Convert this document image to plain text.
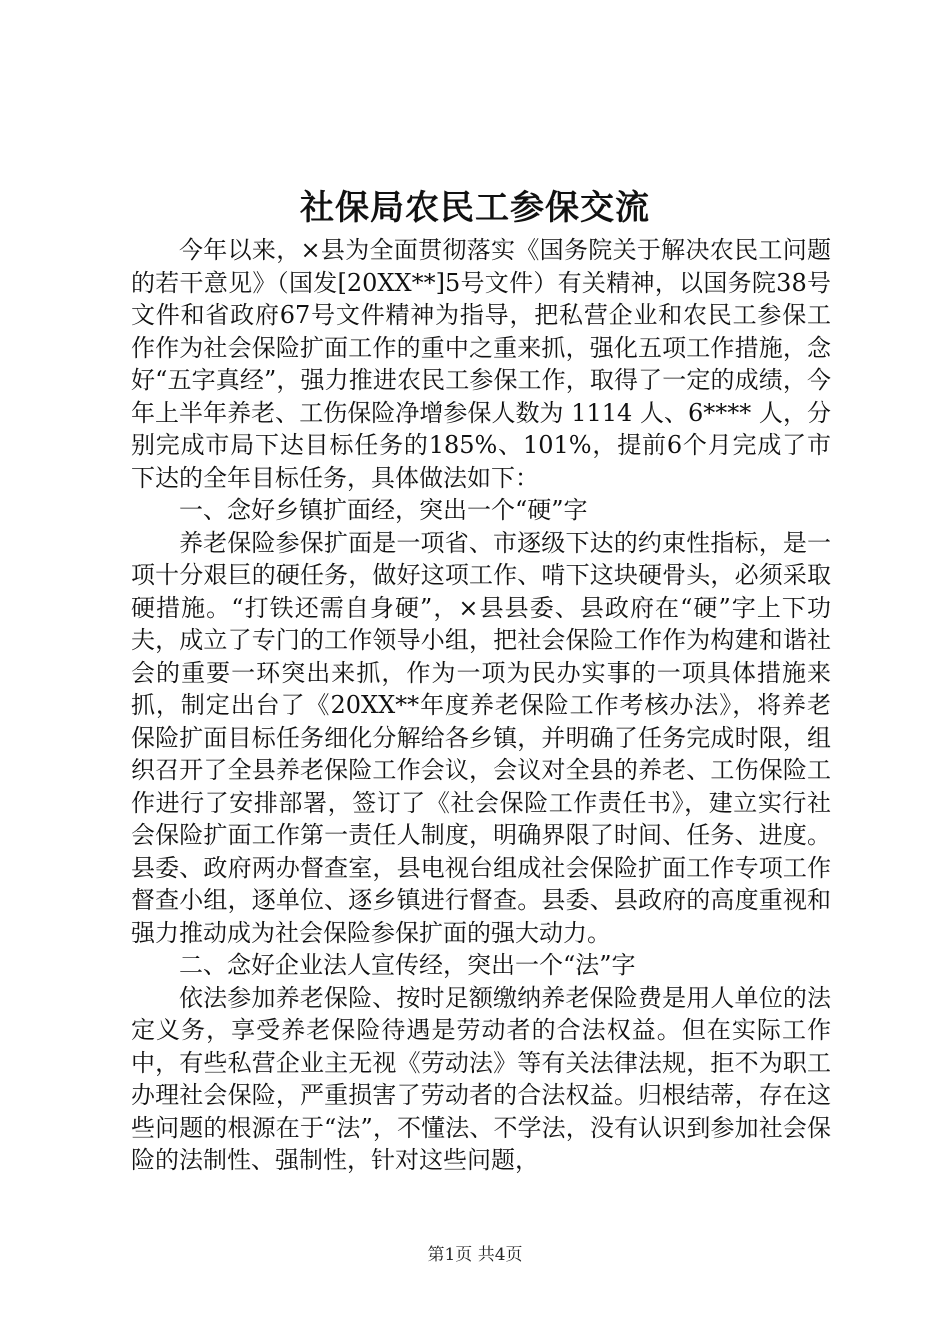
社保局农民工参保交流

今年以来，×县为全面贯彻落实《国务院关于解决农民工问题的若干意见》（国发[20XX**]5号文件）有关精神，以国务院38号文件和省政府67号文件精神为指导，把私营企业和农民工参保工作作为社会保险扩面工作的重中之重来抓，强化五项工作措施，念好“五字真经”，强力推进农民工参保工作，取得了一定的成绩，今年上半年养老、工伤保险净增参保人数为 1114 人、6**** 人，分别完成市局下达目标任务的185%、101%，提前6个月完成了市下达的全年目标任务，具体做法如下：

一、念好乡镇扩面经，突出一个“硬”字

养老保险参保扩面是一项省、市逐级下达的约束性指标，是一项十分艰巨的硬任务，做好这项工作、啃下这块硬骨头，必须采取硬措施。“打铁还需自身硬”，×县县委、县政府在“硬”字上下功夫，成立了专门的工作领导小组，把社会保险工作作为构建和谐社会的重要一环突出来抓，作为一项为民办实事的一项具体措施来抓，制定出台了《20XX**年度养老保险工作考核办法》，将养老保险扩面目标任务细化分解给各乡镇，并明确了任务完成时限，组织召开了全县养老保险工作会议，会议对全县的养老、工伤保险工作进行了安排部署，签订了《社会保险工作责任书》，建立实行社会保险扩面工作第一责任人制度，明确界限了时间、任务、进度。县委、政府两办督查室，县电视台组成社会保险扩面工作专项工作督查小组，逐单位、逐乡镇进行督查。县委、县政府的高度重视和强力推动成为社会保险参保扩面的强大动力。

二、念好企业法人宣传经，突出一个“法”字

依法参加养老保险、按时足额缴纳养老保险费是用人单位的法定义务，享受养老保险待遇是劳动者的合法权益。但在实际工作中，有些私营企业主无视《劳动法》等有关法律法规，拒不为职工办理社会保险，严重损害了劳动者的合法权益。归根结蒂，存在这些问题的根源在于“法”，不懂法、不学法，没有认识到参加社会保险的法制性、强制性，针对这些问题，

第1页 共4页
